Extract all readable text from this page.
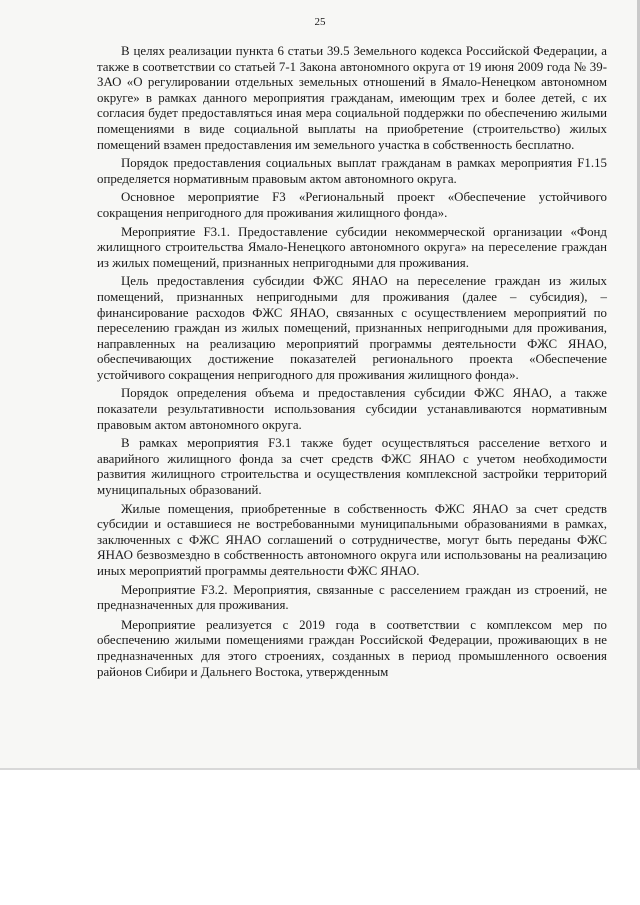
25

В целях реализации пункта 6 статьи 39.5 Земельного кодекса Российской Федерации, а также в соответствии со статьей 7-1 Закона автономного округа от 19 июня 2009 года № 39-ЗАО «О регулировании отдельных земельных отношений в Ямало-Ненецком автономном округе» в рамках данного мероприятия гражданам, имеющим трех и более детей, с их согласия будет предоставляться иная мера социальной поддержки по обеспечению жилыми помещениями в виде социальной выплаты на приобретение (строительство) жилых помещений взамен предоставления им земельного участка в собственность бесплатно.

Порядок предоставления социальных выплат гражданам в рамках мероприятия F1.15 определяется нормативным правовым актом автономного округа.

Основное мероприятие F3 «Региональный проект «Обеспечение устойчивого сокращения непригодного для проживания жилищного фонда».

Мероприятие F3.1. Предоставление субсидии некоммерческой организации «Фонд жилищного строительства Ямало-Ненецкого автономного округа» на переселение граждан из жилых помещений, признанных непригодными для проживания.

Цель предоставления субсидии ФЖС ЯНАО на переселение граждан из жилых помещений, признанных непригодными для проживания (далее – субсидия), – финансирование расходов ФЖС ЯНАО, связанных с осуществлением мероприятий по переселению граждан из жилых помещений, признанных непригодными для проживания, направленных на реализацию мероприятий программы деятельности ФЖС ЯНАО, обеспечивающих достижение показателей регионального проекта «Обеспечение устойчивого сокращения непригодного для проживания жилищного фонда».

Порядок определения объема и предоставления субсидии ФЖС ЯНАО, а также показатели результативности использования субсидии устанавливаются нормативным правовым актом автономного округа.

В рамках мероприятия F3.1 также будет осуществляться расселение ветхого и аварийного жилищного фонда за счет средств ФЖС ЯНАО с учетом необходимости развития жилищного строительства и осуществления комплексной застройки территорий муниципальных образований.

Жилые помещения, приобретенные в собственность ФЖС ЯНАО за счет средств субсидии и оставшиеся не востребованными муниципальными образованиями в рамках, заключенных с ФЖС ЯНАО соглашений о сотрудничестве, могут быть переданы ФЖС ЯНАО безвозмездно в собственность автономного округа или использованы на реализацию иных мероприятий программы деятельности ФЖС ЯНАО.

Мероприятие F3.2. Мероприятия, связанные с расселением граждан из строений, не предназначенных для проживания.

Мероприятие реализуется с 2019 года в соответствии с комплексом мер по обеспечению жилыми помещениями граждан Российской Федерации, проживающих в не предназначенных для этого строениях, созданных в период промышленного освоения районов Сибири и Дальнего Востока, утвержденным
